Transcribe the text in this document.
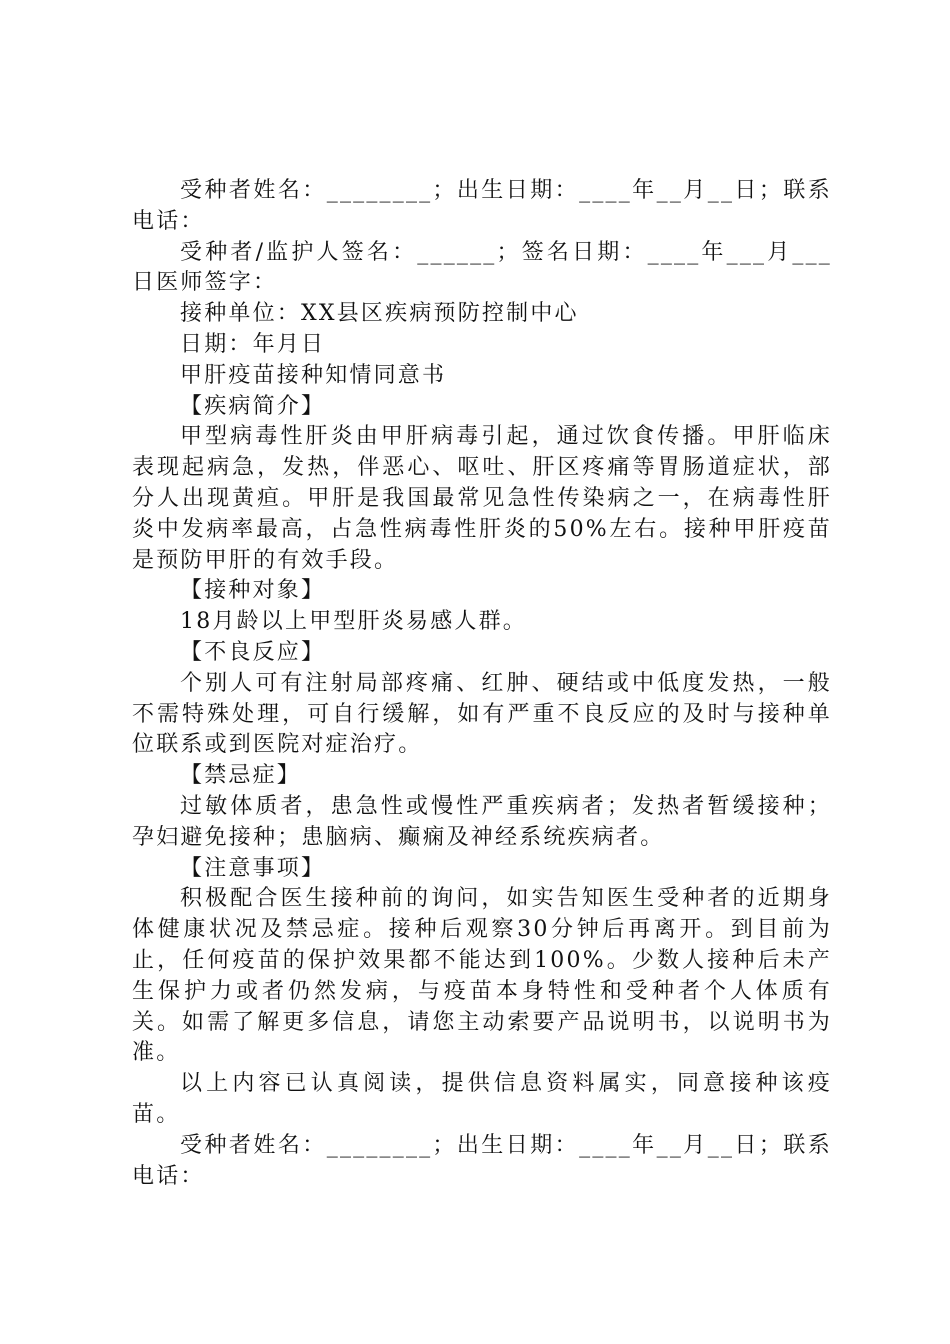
受种者姓名：________；出生日期：____年__月__日；联系电话：

受种者/监护人签名：______；签名日期：____年___月___日医师签字：

接种单位：XX县区疾病预防控制中心

日期：年月日

甲肝疫苗接种知情同意书

【疾病简介】

甲型病毒性肝炎由甲肝病毒引起，通过饮食传播。甲肝临床表现起病急，发热，伴恶心、呕吐、肝区疼痛等胃肠道症状，部分人出现黄疸。甲肝是我国最常见急性传染病之一，在病毒性肝炎中发病率最高，占急性病毒性肝炎的50%左右。接种甲肝疫苗是预防甲肝的有效手段。

【接种对象】

18月龄以上甲型肝炎易感人群。

【不良反应】

个别人可有注射局部疼痛、红肿、硬结或中低度发热，一般不需特殊处理，可自行缓解，如有严重不良反应的及时与接种单位联系或到医院对症治疗。

【禁忌症】

过敏体质者，患急性或慢性严重疾病者；发热者暂缓接种；孕妇避免接种；患脑病、癫痫及神经系统疾病者。

【注意事项】

积极配合医生接种前的询问，如实告知医生受种者的近期身体健康状况及禁忌症。接种后观察30分钟后再离开。到目前为止，任何疫苗的保护效果都不能达到100%。少数人接种后未产生保护力或者仍然发病，与疫苗本身特性和受种者个人体质有关。如需了解更多信息，请您主动索要产品说明书，以说明书为准。

以上内容已认真阅读，提供信息资料属实，同意接种该疫苗。

受种者姓名：________；出生日期：____年__月__日；联系电话：
